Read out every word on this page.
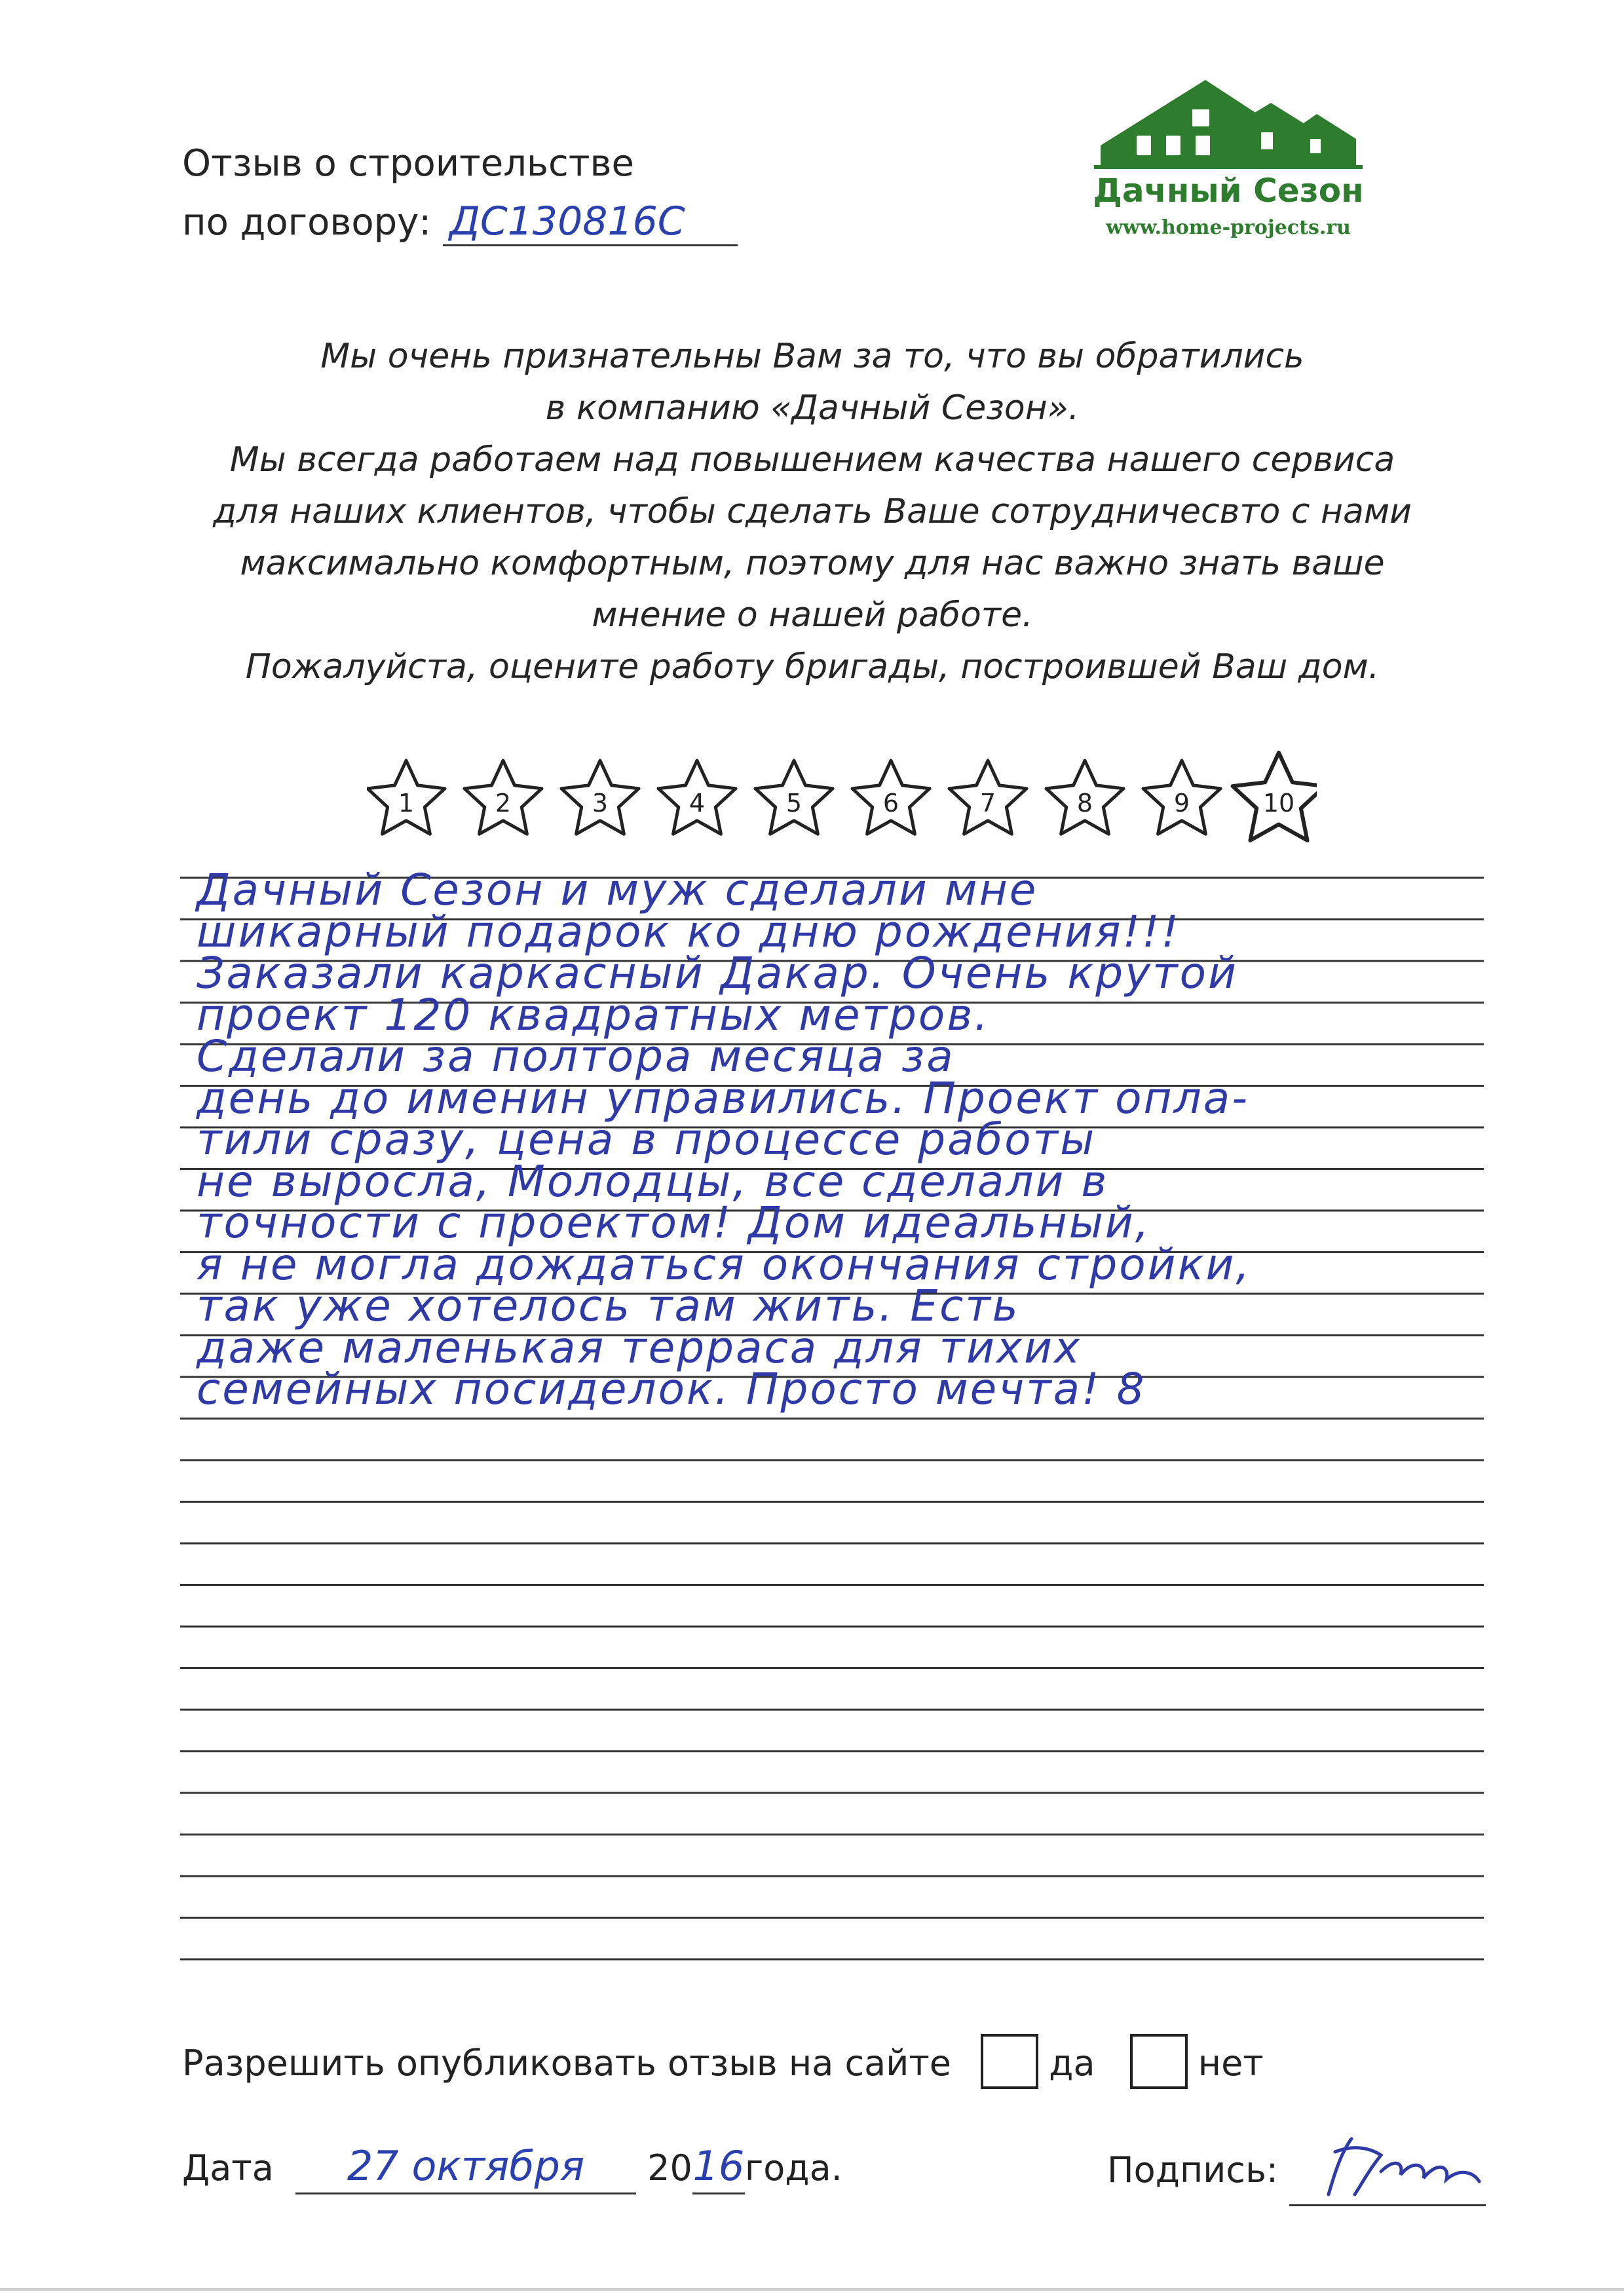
Отзыв о строительстве
по договору: ДС130816С
Дачный Сезон
www.home-projects.ru
Мы очень признательны Вам за то, что вы обратились
в компанию «Дачный Сезон».
Мы всегда работаем над повышением качества нашего сервиса
для наших клиентов, чтобы сделать Ваше сотрудничесвто с нами
максимально комфортным, поэтому для нас важно знать ваше
мнение о нашей работе.
Пожалуйста, оцените работу бригады, построившей Ваш дом.
1	2	3	4	5	6	7	8	9	10
Дачный Сезон и муж сделали мне
шикарный подарок ко дню рождения!!!
Заказали каркасный Дакар. Очень крутой
проект 120 квадратных метров.
Сделали за полтора месяца за
день до именин управились. Проект опла-
тили сразу, цена в процессе работы
не выросла, Молодцы, все сделали в
точности с проектом! Дом идеальный,
я не могла дождаться окончания стройки,
так уже хотелось там жить. Есть
даже маленькая терраса для тихих
семейных посиделок. Просто мечта! 8
Разрешить опубликовать отзыв на сайте	да	нет
Дата 27 октября 2016года.	Подпись:
